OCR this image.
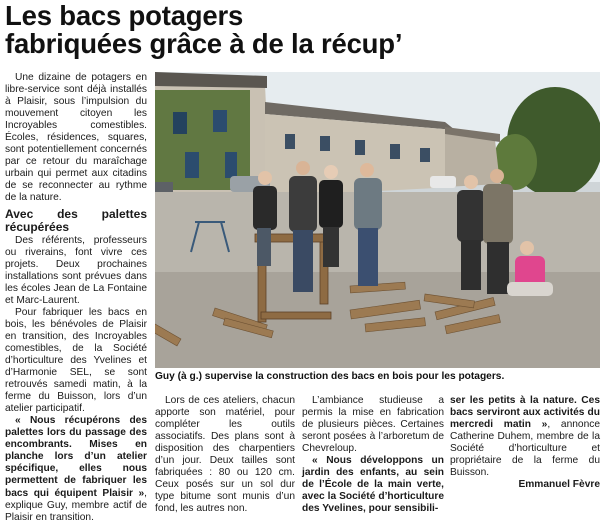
Les bacs potagers
fabriquées grâce à de la récup’

Une dizaine de potagers en libre-service sont déjà installés à Plaisir, sous l’impulsion du mouvement citoyen les Incroyables comestibles. Écoles, résidences, squares, sont potentiellement concernés par ce retour du maraîchage urbain qui permet aux citadins de se reconnecter au rythme de la nature.

Avec des palettes récupérées

Des référents, professeurs ou riverains, font vivre ces projets. Deux prochaines installations sont prévues dans les écoles Jean de La Fontaine et Marc-Laurent.

Pour fabriquer les bacs en bois, les bénévoles de Plaisir en transition, des Incroyables comestibles, de la Société d’horticulture des Yvelines et d’Harmonie SEL, se sont retrouvés samedi matin, à la ferme du Buisson, lors d’un atelier participatif.

« Nous récupérons des palettes lors du passage des encombrants. Mises en planche lors d’un atelier spécifique, elles nous permettent de fabriquer les bacs qui équipent Plaisir », explique Guy, membre actif de Plaisir en transition.

Guy (à g.) supervise la construction des bacs en bois pour les potagers.

Lors de ces ateliers, chacun apporte son matériel, pour compléter les outils associatifs. Des plans sont à disposition des charpentiers d’un jour. Deux tailles sont fabriquées : 80 ou 120 cm. Ceux posés sur un sol dur type bitume sont munis d’un fond, les autres non.

L’ambiance studieuse a permis la mise en fabrication de plusieurs pièces. Certaines seront posées à l’arboretum de Chevreloup.

« Nous développons un jardin des enfants, au sein de l’École de la main verte, avec la Société d’horticulture des Yvelines, pour sensibili-

ser les petits à la nature. Ces bacs serviront aux activités du mercredi matin », annonce Catherine Duhem, membre de la Société d’horticulture et propriétaire de la ferme du Buisson.

Emmanuel Fèvre
